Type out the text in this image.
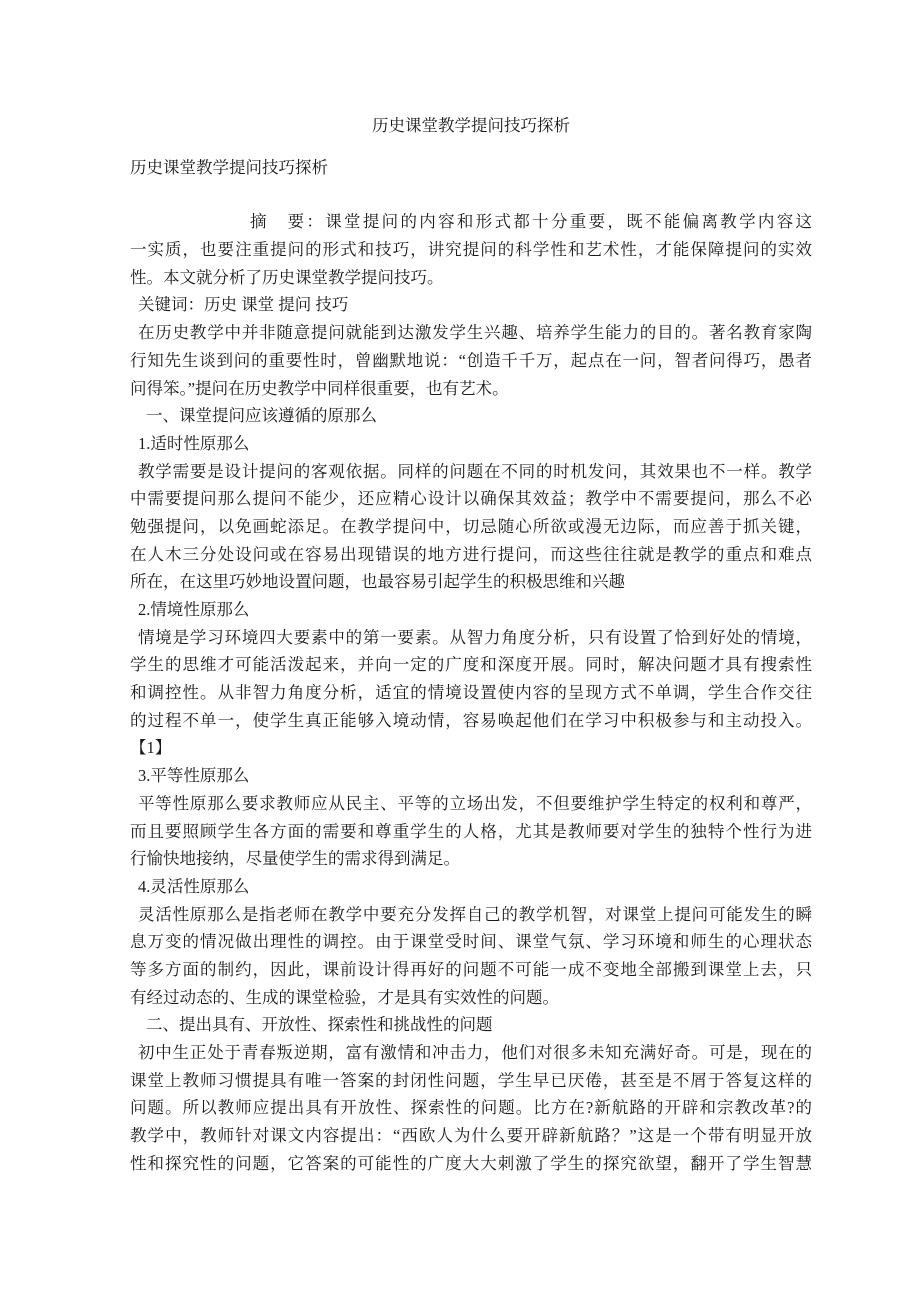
历史课堂教学提问技巧探析
历史课堂教学提问技巧探析
摘　要：课堂提问的内容和形式都十分重要，既不能偏离教学内容这
一实质，也要注重提问的形式和技巧，讲究提问的科学性和艺术性，才能保障提问的实效
性。本文就分析了历史课堂教学提问技巧。
关键词：历史 课堂 提问 技巧
在历史教学中并非随意提问就能到达激发学生兴趣、培养学生能力的目的。著名教育家陶
行知先生谈到问的重要性时，曾幽默地说：“创造千千万，起点在一问，智者问得巧，愚者
问得笨。”提问在历史教学中同样很重要，也有艺术。
一、课堂提问应该遵循的原那么
1.适时性原那么
教学需要是设计提问的客观依据。同样的问题在不同的时机发问，其效果也不一样。教学
中需要提问那么提问不能少，还应精心设计以确保其效益；教学中不需要提问，那么不必
勉强提问，以免画蛇添足。在教学提问中，切忌随心所欲或漫无边际，而应善于抓关键，
在人木三分处设问或在容易出现错误的地方进行提问，而这些往往就是教学的重点和难点
所在，在这里巧妙地设置问题，也最容易引起学生的积极思维和兴趣
2.情境性原那么
情境是学习环境四大要素中的第一要素。从智力角度分析，只有设置了恰到好处的情境，
学生的思维才可能活泼起来，并向一定的广度和深度开展。同时，解决问题才具有搜索性
和调控性。从非智力角度分析，适宜的情境设置使内容的呈现方式不单调，学生合作交往
的过程不单一，使学生真正能够入境动情，容易唤起他们在学习中积极参与和主动投入。
【1】
3.平等性原那么
平等性原那么要求教师应从民主、平等的立场出发，不但要维护学生特定的权利和尊严，
而且要照顾学生各方面的需要和尊重学生的人格，尤其是教师要对学生的独特个性行为进
行愉快地接纳，尽量使学生的需求得到满足。
4.灵活性原那么
灵活性原那么是指老师在教学中要充分发挥自己的教学机智，对课堂上提问可能发生的瞬
息万变的情况做出理性的调控。由于课堂受时间、课堂气氛、学习环境和师生的心理状态
等多方面的制约，因此，课前设计得再好的问题不可能一成不变地全部搬到课堂上去，只
有经过动态的、生成的课堂检验，才是具有实效性的问题。
二、提出具有、开放性、探索性和挑战性的问题
初中生正处于青春叛逆期，富有激情和冲击力，他们对很多未知充满好奇。可是，现在的
课堂上教师习惯提具有唯一答案的封闭性问题，学生早已厌倦，甚至是不屑于答复这样的
问题。所以教师应提出具有开放性、探索性的问题。比方在?新航路的开辟和宗教改革?的
教学中，教师针对课文内容提出：“西欧人为什么要开辟新航路？”这是一个带有明显开放
性和探究性的问题，它答案的可能性的广度大大刺激了学生的探究欲望，翻开了学生智慧
